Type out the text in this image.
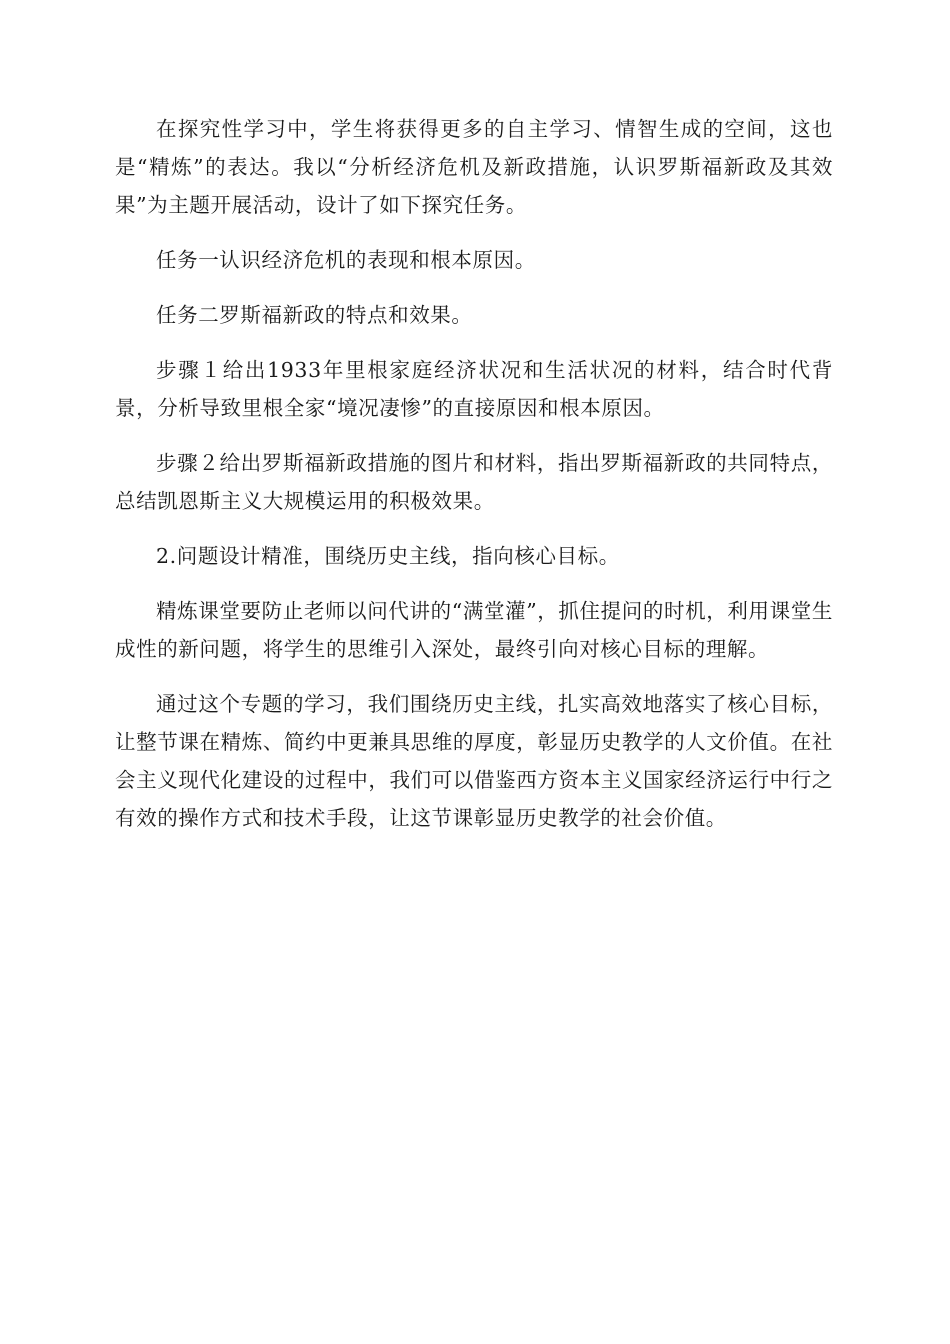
在探究性学习中，学生将获得更多的自主学习、情智生成的空间，这也是“精炼”的表达。我以“分析经济危机及新政措施，认识罗斯福新政及其效果”为主题开展活动，设计了如下探究任务。

任务一认识经济危机的表现和根本原因。

任务二罗斯福新政的特点和效果。

步骤１给出1933年里根家庭经济状况和生活状况的材料，结合时代背景，分析导致里根全家“境况凄惨”的直接原因和根本原因。

步骤２给出罗斯福新政措施的图片和材料，指出罗斯福新政的共同特点，总结凯恩斯主义大规模运用的积极效果。

2.问题设计精准，围绕历史主线，指向核心目标。

精炼课堂要防止老师以问代讲的“满堂灌”，抓住提问的时机，利用课堂生成性的新问题，将学生的思维引入深处，最终引向对核心目标的理解。

通过这个专题的学习，我们围绕历史主线，扎实高效地落实了核心目标，让整节课在精炼、简约中更兼具思维的厚度，彰显历史教学的人文价值。在社会主义现代化建设的过程中，我们可以借鉴西方资本主义国家经济运行中行之有效的操作方式和技术手段，让这节课彰显历史教学的社会价值。
